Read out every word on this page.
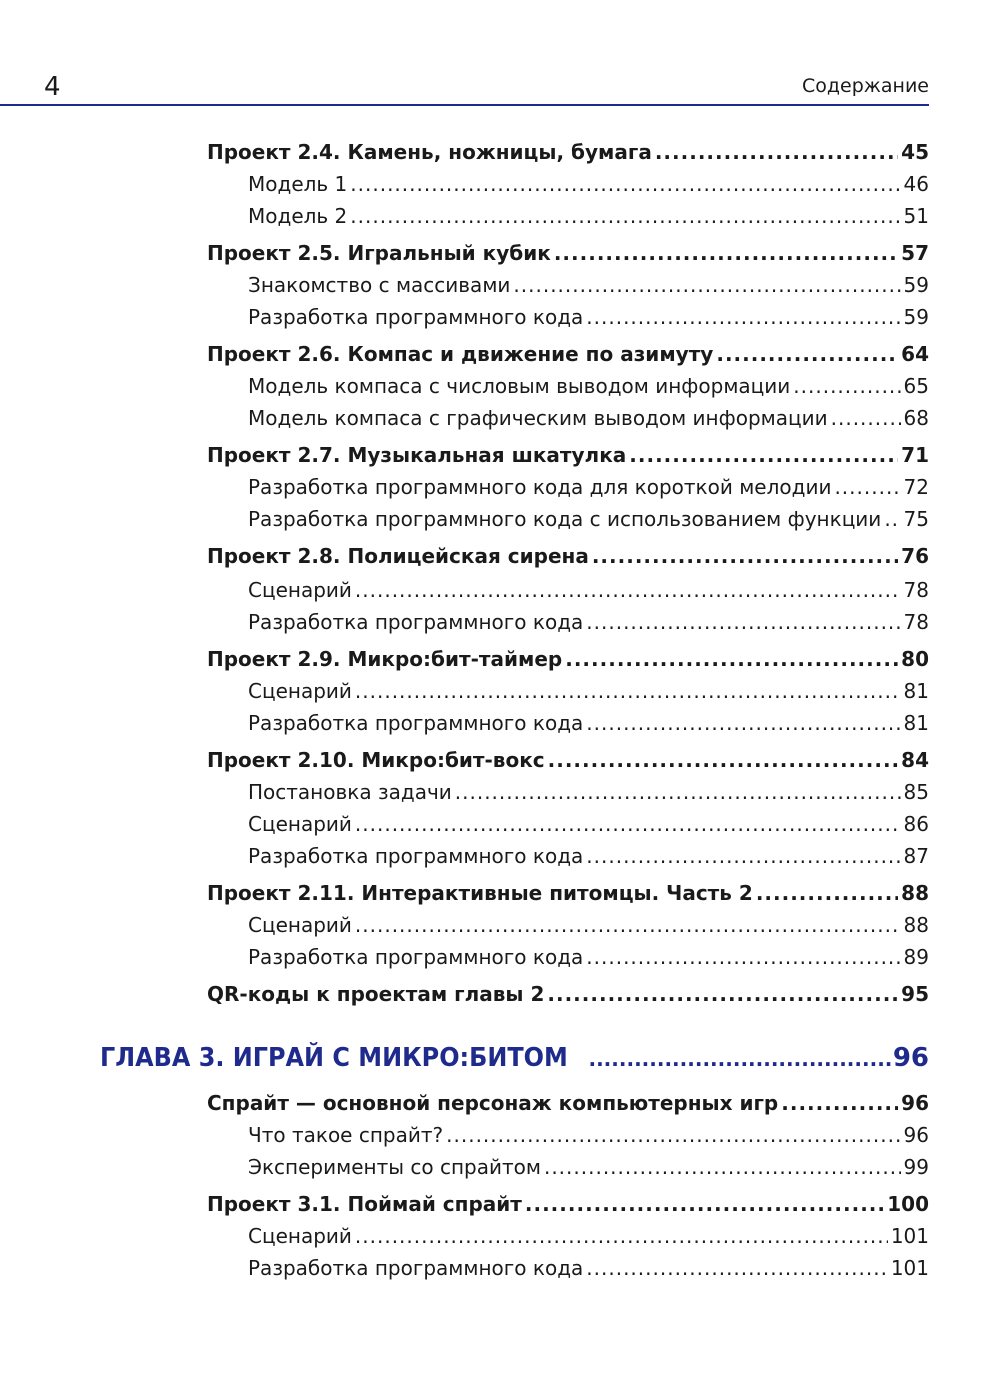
4	Содержание
Проект 2.4. Камень, ножницы, бумага .....	45
Модель 1 .....	46
Модель 2 .....	51
Проект 2.5. Игральный кубик .....	57
Знакомство с массивами .....	59
Разработка программного кода .....	59
Проект 2.6. Компас и движение по азимуту .....	64
Модель компаса с числовым выводом информации .....	65
Модель компаса с графическим выводом информации .....	68
Проект 2.7. Музыкальная шкатулка .....	71
Разработка программного кода для короткой мелодии .....	72
Разработка программного кода с использованием функции ..... 75
Проект 2.8. Полицейская сирена .....	76
Сценарий .....	78
Разработка программного кода .....	78
Проект 2.9. Микро:бит-таймер .....	80
Сценарий .....	81
Разработка программного кода .....	81
Проект 2.10. Микро:бит-вокс .....	84
Постановка задачи .....	85
Сценарий .....	86
Разработка программного кода .....	87
Проект 2.11. Интерактивные питомцы. Часть 2 .....	88
Сценарий .....	88
Разработка программного кода .....	89
QR-коды к проектам главы 2 .....	95
ГЛАВА 3. ИГРАЙ С МИКРО:БИТОМ .....	96
Спрайт — основной персонаж компьютерных игр .....	96
Что такое спрайт? .....	96
Эксперименты со спрайтом .....	99
Проект 3.1. Поймай спрайт .....	100
Сценарий .....	101
Разработка программного кода .....	101
